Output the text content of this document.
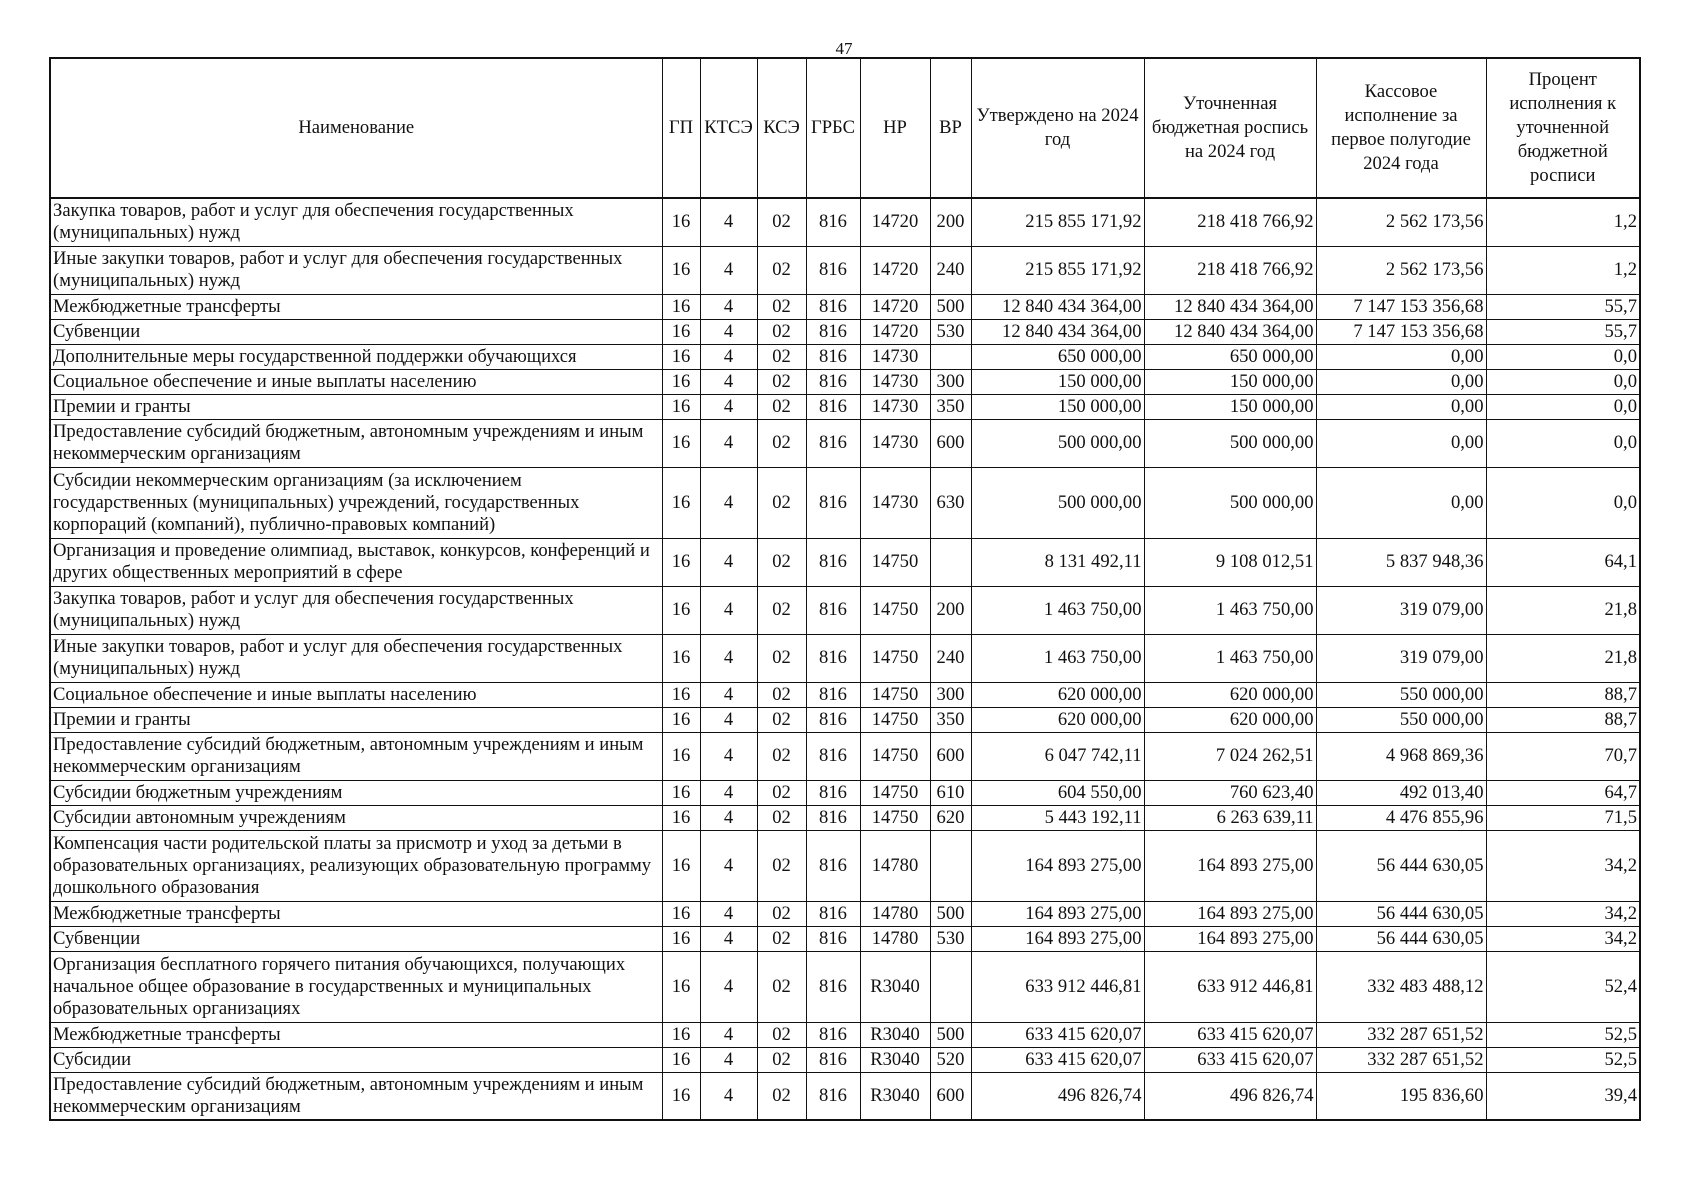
47
Наименование	ГП	КТСЭ	КСЭ	ГРБС	НР	ВР	Утверждено на 2024 год	Уточненная бюджетная роспись на 2024 год	Кассовое исполнение за первое полугодие 2024 года	Процент исполнения к уточненной бюджетной росписи
Закупка товаров, работ и услуг для обеспечения государственных (муниципальных) нужд	16	4	02	816	14720	200	215 855 171,92	218 418 766,92	2 562 173,56	1,2
Иные закупки товаров, работ и услуг для обеспечения государственных (муниципальных) нужд	16	4	02	816	14720	240	215 855 171,92	218 418 766,92	2 562 173,56	1,2
Межбюджетные трансферты	16	4	02	816	14720	500	12 840 434 364,00	12 840 434 364,00	7 147 153 356,68	55,7
Субвенции	16	4	02	816	14720	530	12 840 434 364,00	12 840 434 364,00	7 147 153 356,68	55,7
Дополнительные меры государственной поддержки обучающихся	16	4	02	816	14730		650 000,00	650 000,00	0,00	0,0
Социальное обеспечение и иные выплаты населению	16	4	02	816	14730	300	150 000,00	150 000,00	0,00	0,0
Премии и гранты	16	4	02	816	14730	350	150 000,00	150 000,00	0,00	0,0
Предоставление субсидий бюджетным, автономным учреждениям и иным некоммерческим организациям	16	4	02	816	14730	600	500 000,00	500 000,00	0,00	0,0
Субсидии некоммерческим организациям (за исключением государственных (муниципальных) учреждений, государственных корпораций (компаний), публично-правовых компаний)	16	4	02	816	14730	630	500 000,00	500 000,00	0,00	0,0
Организация и проведение олимпиад, выставок, конкурсов, конференций и других общественных мероприятий в сфере	16	4	02	816	14750		8 131 492,11	9 108 012,51	5 837 948,36	64,1
Закупка товаров, работ и услуг для обеспечения государственных (муниципальных) нужд	16	4	02	816	14750	200	1 463 750,00	1 463 750,00	319 079,00	21,8
Иные закупки товаров, работ и услуг для обеспечения государственных (муниципальных) нужд	16	4	02	816	14750	240	1 463 750,00	1 463 750,00	319 079,00	21,8
Социальное обеспечение и иные выплаты населению	16	4	02	816	14750	300	620 000,00	620 000,00	550 000,00	88,7
Премии и гранты	16	4	02	816	14750	350	620 000,00	620 000,00	550 000,00	88,7
Предоставление субсидий бюджетным, автономным учреждениям и иным некоммерческим организациям	16	4	02	816	14750	600	6 047 742,11	7 024 262,51	4 968 869,36	70,7
Субсидии бюджетным учреждениям	16	4	02	816	14750	610	604 550,00	760 623,40	492 013,40	64,7
Субсидии автономным учреждениям	16	4	02	816	14750	620	5 443 192,11	6 263 639,11	4 476 855,96	71,5
Компенсация части родительской платы за присмотр и уход за детьми в образовательных организациях, реализующих образовательную программу дошкольного образования	16	4	02	816	14780		164 893 275,00	164 893 275,00	56 444 630,05	34,2
Межбюджетные трансферты	16	4	02	816	14780	500	164 893 275,00	164 893 275,00	56 444 630,05	34,2
Субвенции	16	4	02	816	14780	530	164 893 275,00	164 893 275,00	56 444 630,05	34,2
Организация бесплатного горячего питания обучающихся, получающих начальное общее образование в государственных и муниципальных образовательных организациях	16	4	02	816	R3040		633 912 446,81	633 912 446,81	332 483 488,12	52,4
Межбюджетные трансферты	16	4	02	816	R3040	500	633 415 620,07	633 415 620,07	332 287 651,52	52,5
Субсидии	16	4	02	816	R3040	520	633 415 620,07	633 415 620,07	332 287 651,52	52,5
Предоставление субсидий бюджетным, автономным учреждениям и иным некоммерческим организациям	16	4	02	816	R3040	600	496 826,74	496 826,74	195 836,60	39,4
